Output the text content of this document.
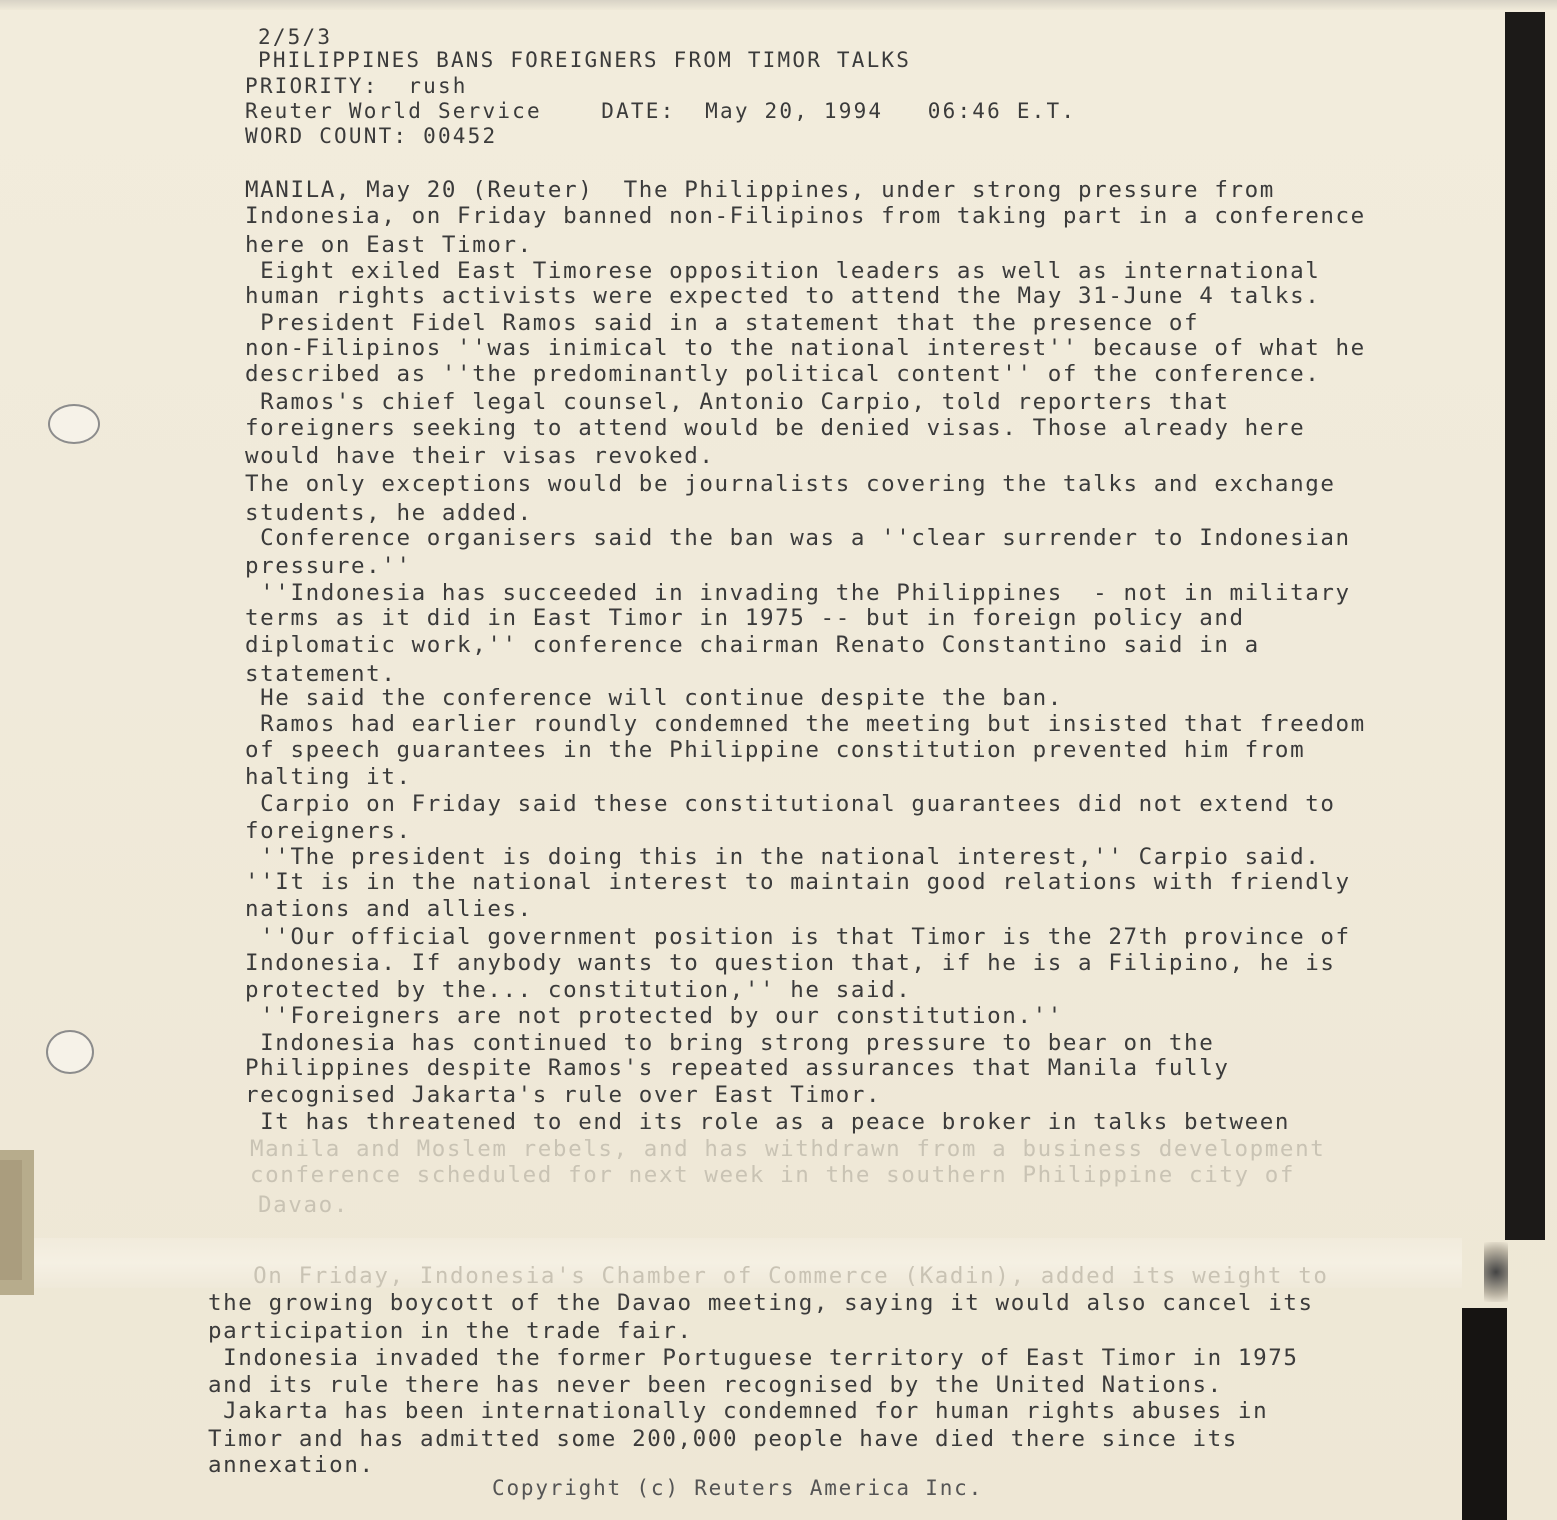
2/5/3
PHILIPPINES BANS FOREIGNERS FROM TIMOR TALKS
PRIORITY:  rush
Reuter World Service    DATE:  May 20, 1994   06:46 E.T.
WORD COUNT: 00452
MANILA, May 20 (Reuter)  The Philippines, under strong pressure from
Indonesia, on Friday banned non-Filipinos from taking part in a conference
here on East Timor.
Eight exiled East Timorese opposition leaders as well as international
human rights activists were expected to attend the May 31-June 4 talks.
President Fidel Ramos said in a statement that the presence of
non-Filipinos ''was inimical to the national interest'' because of what he
described as ''the predominantly political content'' of the conference.
Ramos's chief legal counsel, Antonio Carpio, told reporters that
foreigners seeking to attend would be denied visas. Those already here
would have their visas revoked.
The only exceptions would be journalists covering the talks and exchange
students, he added.
Conference organisers said the ban was a ''clear surrender to Indonesian
pressure.''
''Indonesia has succeeded in invading the Philippines  - not in military
terms as it did in East Timor in 1975 -- but in foreign policy and
diplomatic work,'' conference chairman Renato Constantino said in a
statement.
He said the conference will continue despite the ban.
Ramos had earlier roundly condemned the meeting but insisted that freedom
of speech guarantees in the Philippine constitution prevented him from
halting it.
Carpio on Friday said these constitutional guarantees did not extend to
foreigners.
''The president is doing this in the national interest,'' Carpio said.
''It is in the national interest to maintain good relations with friendly
nations and allies.
''Our official government position is that Timor is the 27th province of
Indonesia. If anybody wants to question that, if he is a Filipino, he is
protected by the... constitution,'' he said.
''Foreigners are not protected by our constitution.''
Indonesia has continued to bring strong pressure to bear on the
Philippines despite Ramos's repeated assurances that Manila fully
recognised Jakarta's rule over East Timor.
It has threatened to end its role as a peace broker in talks between
Manila and Moslem rebels, and has withdrawn from a business development
conference scheduled for next week in the southern Philippine city of
Davao.
On Friday, Indonesia's Chamber of Commerce (Kadin), added its weight to
the growing boycott of the Davao meeting, saying it would also cancel its
participation in the trade fair.
Indonesia invaded the former Portuguese territory of East Timor in 1975
and its rule there has never been recognised by the United Nations.
Jakarta has been internationally condemned for human rights abuses in
Timor and has admitted some 200,000 people have died there since its
annexation.
Copyright (c) Reuters America Inc.
